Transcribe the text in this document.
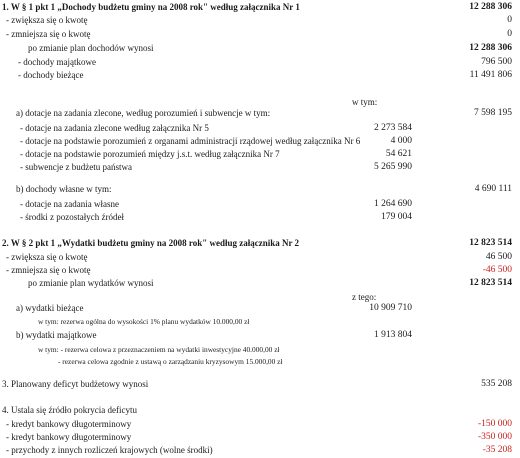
1. W § 1 pkt 1 „Dochody budżetu gminy na 2008 rok" według załącznika Nr 1	12 288 306
- zwiększa się o kwotę	0
- zmniejsza się o kwotę	0
po zmianie plan dochodów wynosi	12 288 306
- dochody majątkowe	796 500
- dochody bieżące	11 491 806
w tym:
a) dotacje na zadania zlecone, według porozumień i subwencje w tym:	7 598 195
- dotacje na zadania zlecone według załącznika Nr 5	2 273 584
- dotacje na podstawie porozumień z organami administracji rządowej według załącznika Nr 6	4 000
- dotacje na podstawie porozumień między j.s.t. według załącznika Nr 7	54 621
- subwencje z budżetu państwa	5 265 990
b) dochody własne w tym:	4 690 111
- dotacje na zadania własne	1 264 690
- środki z pozostałych źródeł	179 004
2. W § 2 pkt 1 „Wydatki budżetu gminy na 2008 rok" według załącznika Nr 2	12 823 514
- zwiększa się o kwotę	46 500
- zmniejsza się o kwotę	-46 500
po zmianie plan wydatków wynosi	12 823 514
z tego:
a) wydatki bieżące	10 909 710
w tym: rezerwa ogólna do wysokości 1% planu wydatków 10.000,00 zł
b) wydatki majątkowe	1 913 804
w tym: - rezerwa celowa z przeznaczeniem na wydatki inwestycyjne 40.000,00 zł
- rezerwa celowa zgodnie z ustawą o zarządzaniu kryzysowym 15.000,00 zł
3. Planowany deficyt budżetowy wynosi	535 208
4. Ustala się źródło pokrycia deficytu
- kredyt bankowy długoterminowy	-150 000
- kredyt bankowy długoterminowy	-350 000
- przychody z innych rozliczeń krajowych (wolne środki)	-35 208
